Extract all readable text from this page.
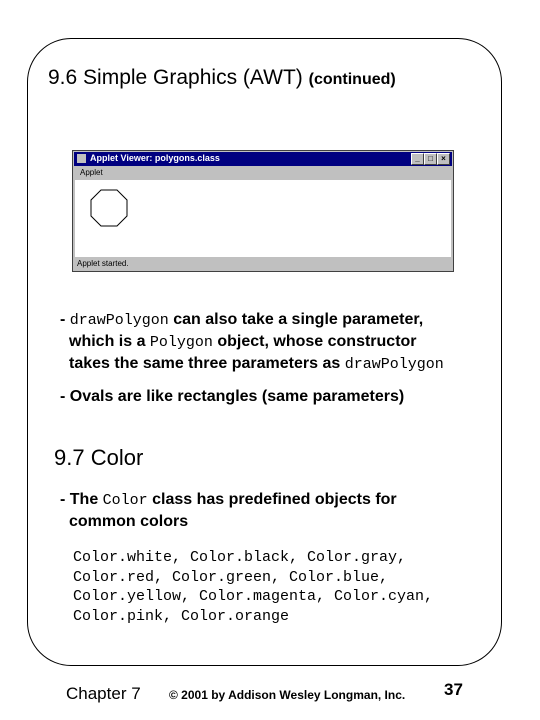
9.6 Simple Graphics (AWT) (continued)
Applet Viewer: polygons.class	_	□	×
Applet
Applet started.
- drawPolygon can also take a single parameter,
which is a Polygon object, whose constructor
takes the same three parameters as drawPolygon
- Ovals are like rectangles (same parameters)
9.7 Color
- The Color class has predefined objects for
common colors
Color.white, Color.black, Color.gray,
Color.red, Color.green, Color.blue,
Color.yellow, Color.magenta, Color.cyan,
Color.pink, Color.orange
Chapter 7 © 2001 by Addison Wesley Longman, Inc. 37
